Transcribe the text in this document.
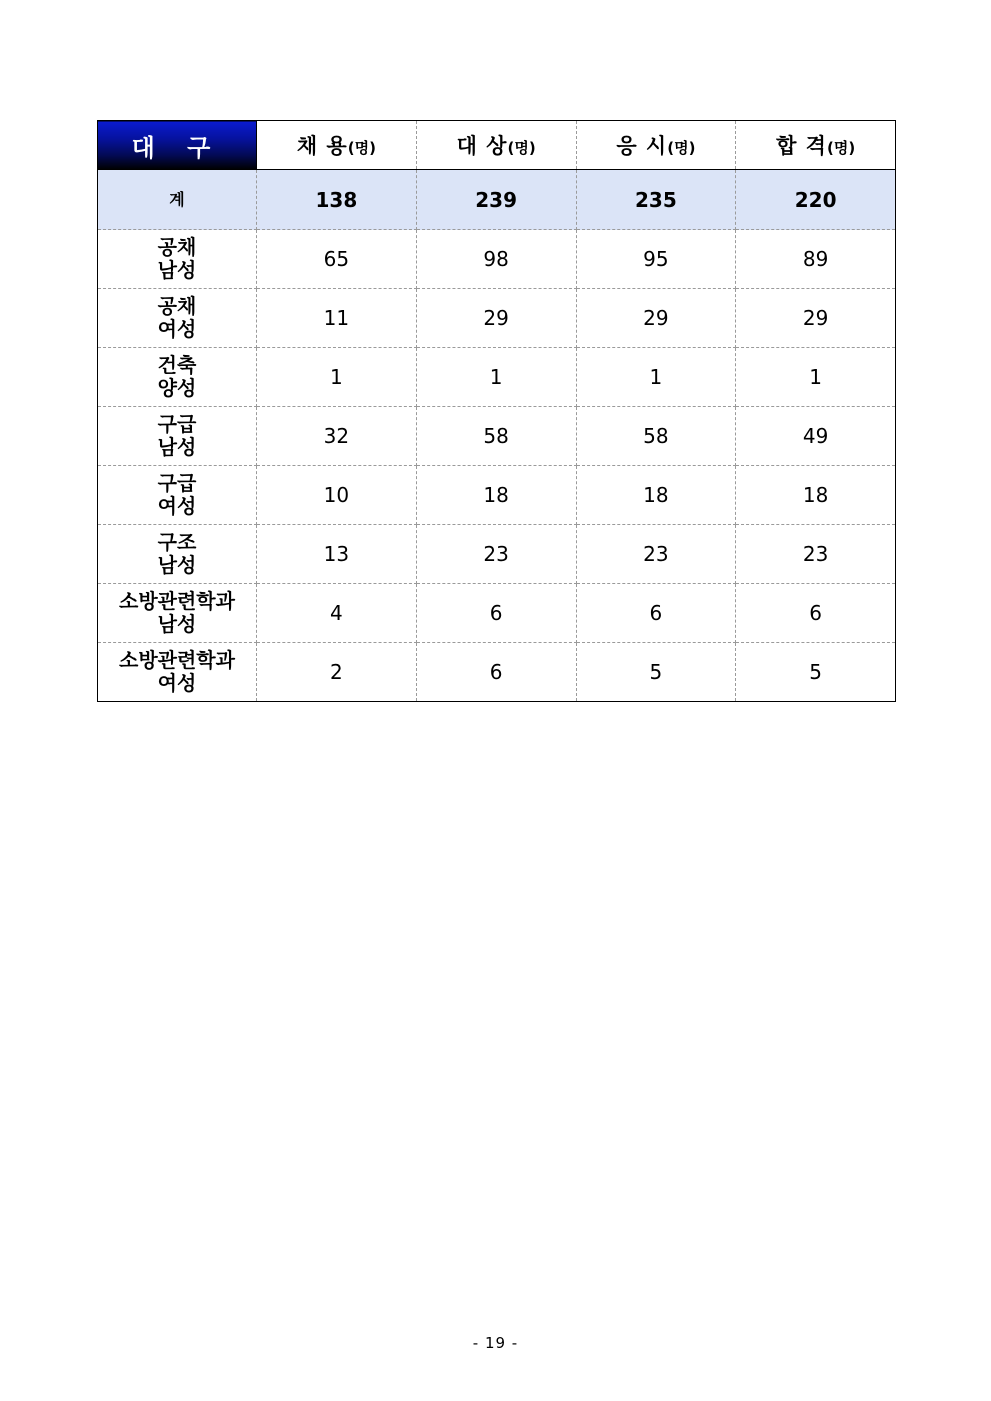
대 구	채 용(명)	대 상(명)	응 시(명)	합 격(명)
계	138	239	235	220

공채
남성	65	98	95	89

공채
여성	11	29	29	29

건축
양성	1	1	1	1

구급
남성	32	58	58	49

구급
여성	10	18	18	18

구조
남성	13	23	23	23

소방관련학과
남성	4	6	6	6

소방관련학과
여성	2	6	5	5
- 19 -
